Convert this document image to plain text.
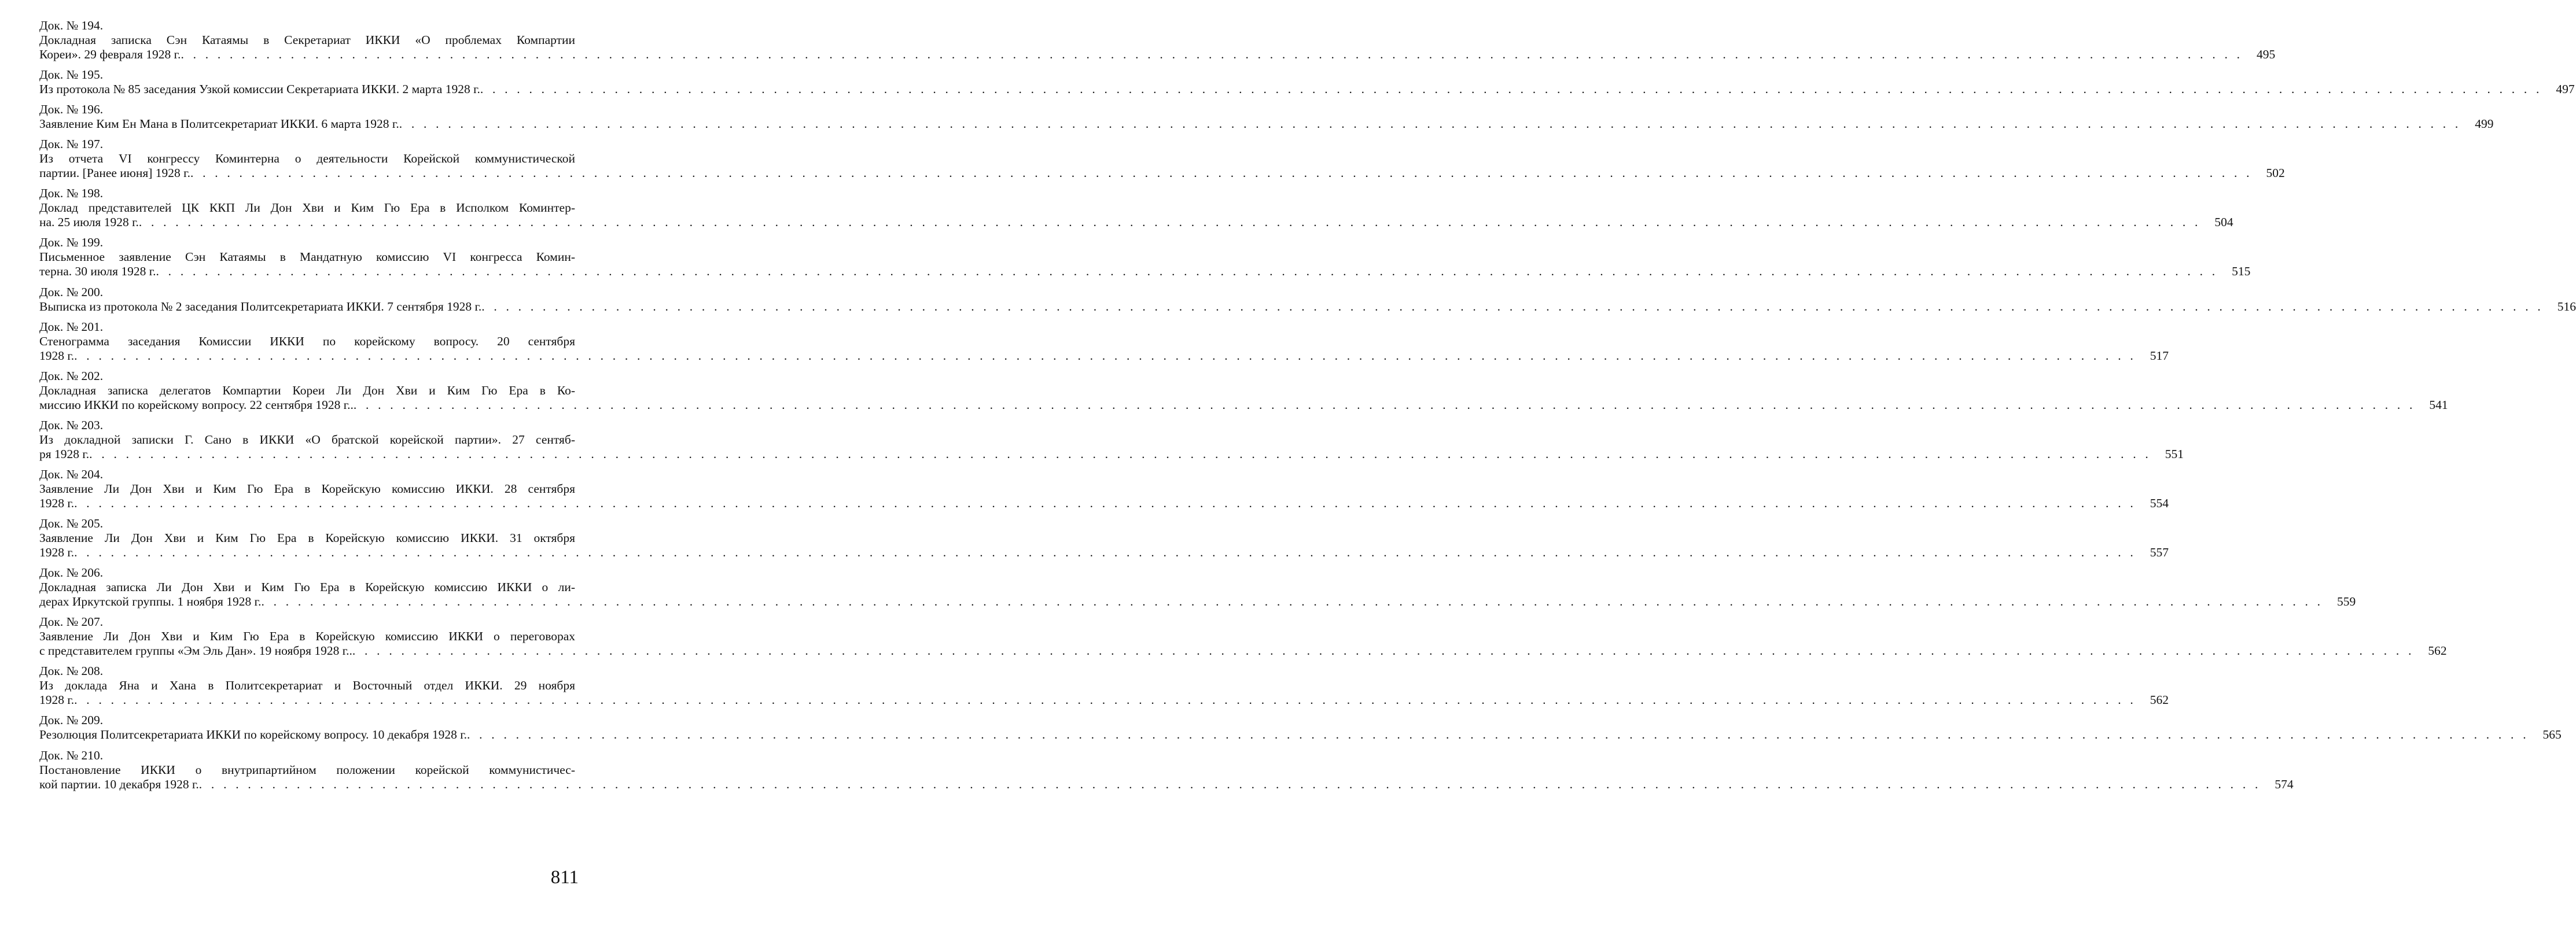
Док. № 194.
Докладная записка Сэн Катаямы в Секретариат ИККИ «О проблемах Компартии
Кореи». 29 февраля 1928 г. . . .	495
Док. № 195.
Из протокола № 85 заседания Узкой комиссии Секретариата ИККИ. 2 марта 1928 г. . . .	497
Док. № 196.
Заявление Ким Ен Мана в Политсекретариат ИККИ. 6 марта 1928 г. . . .	499
Док. № 197.
Из отчета VI конгрессу Коминтерна о деятельности Корейской коммунистической
партии. [Ранее июня] 1928 г. . . .	502
Док. № 198.
Доклад представителей ЦК ККП Ли Дон Хви и Ким Гю Ера в Исполком Коминтер-
на. 25 июля 1928 г. . . .	504
Док. № 199.
Письменное заявление Сэн Катаямы в Мандатную комиссию VI конгресса Комин-
терна. 30 июля 1928 г. . . .	515
Док. № 200.
Выписка из протокола № 2 заседания Политсекретариата ИККИ. 7 сентября 1928 г. . . .	516
Док. № 201.
Стенограмма заседания Комиссии ИККИ по корейскому вопросу. 20 сентября
1928 г. . . .	517
Док. № 202.
Докладная записка делегатов Компартии Кореи Ли Дон Хви и Ким Гю Ера в Ко-
миссию ИККИ по корейскому вопросу. 22 сентября 1928 г.. . . .	541
Док. № 203.
Из докладной записки Г. Сано в ИККИ «О братской корейской партии». 27 сентяб-
ря 1928 г. . . .	551
Док. № 204.
Заявление Ли Дон Хви и Ким Гю Ера в Корейскую комиссию ИККИ. 28 сентября
1928 г. . . .	554
Док. № 205.
Заявление Ли Дон Хви и Ким Гю Ера в Корейскую комиссию ИККИ. 31 октября
1928 г. . . .	557
Док. № 206.
Докладная записка Ли Дон Хви и Ким Гю Ера в Корейскую комиссию ИККИ о ли-
дерах Иркутской группы. 1 ноября 1928 г. . . .	559
Док. № 207.
Заявление Ли Дон Хви и Ким Гю Ера в Корейскую комиссию ИККИ о переговорах
с представителем группы «Эм Эль Дан». 19 ноября 1928 г.. . . .	562
Док. № 208.
Из доклада Яна и Хана в Политсекретариат и Восточный отдел ИККИ. 29 ноября
1928 г. . . .	562
Док. № 209.
Резолюция Политсекретариата ИККИ по корейскому вопросу. 10 декабря 1928 г. . . .	565
Док. № 210.
Постановление ИККИ о внутрипартийном положении корейской коммунистичес-
кой партии. 10 декабря 1928 г. . . .	574
811
